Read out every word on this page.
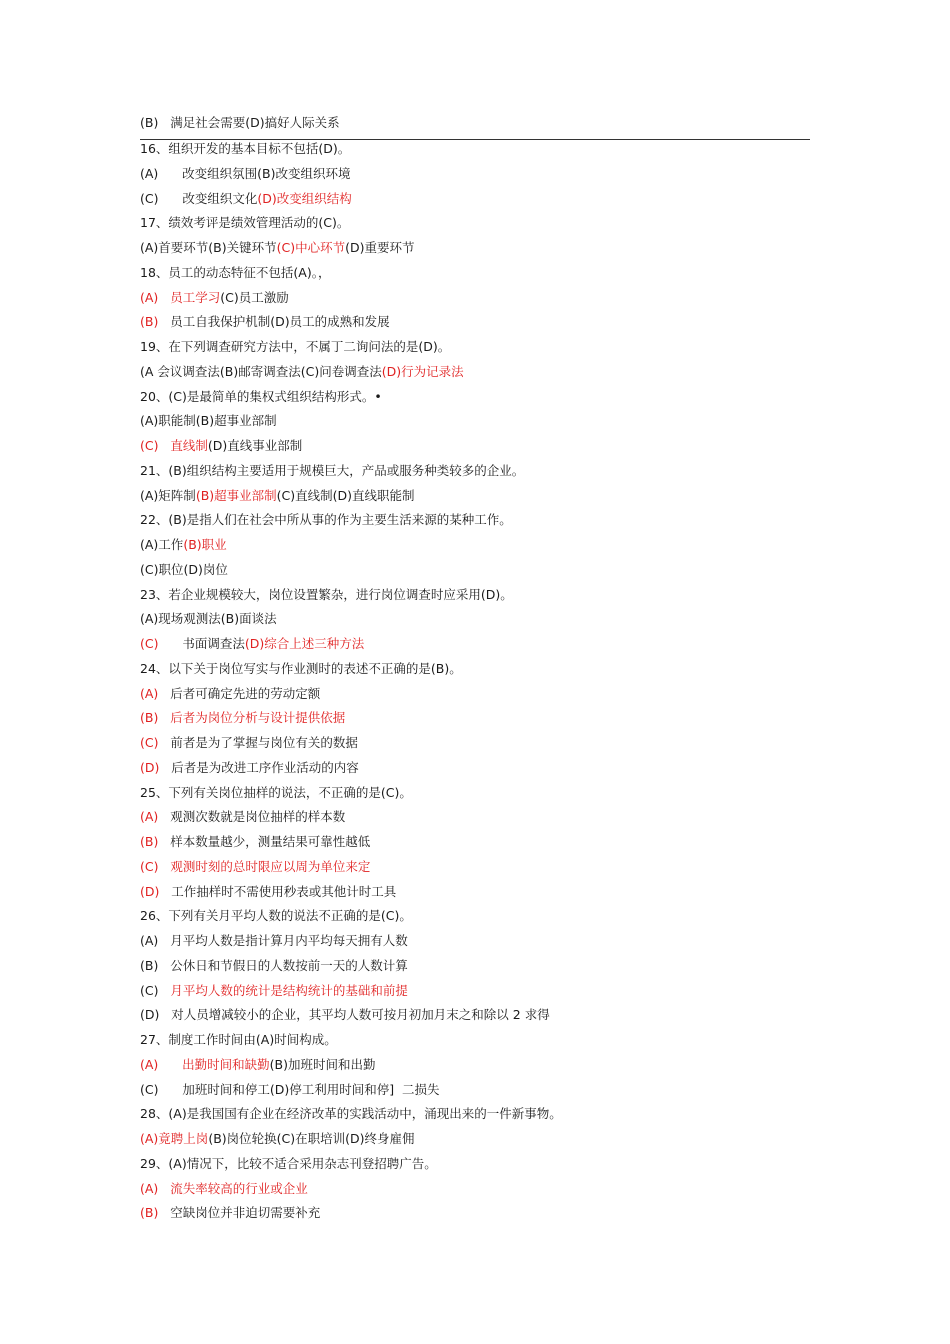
(B)   满足社会需要(D)搞好人际关系
16、组织开发的基本目标不包括(D)。
(A)      改变组织氛围(B)改变组织环境
(C)      改变组织文化(D)改变组织结构
17、绩效考评是绩效管理活动的(C)。
(A)首要环节(B)关键环节(C)中心环节(D)重要环节
18、员工的动态特征不包括(A)。，
(A)   员工学习(C)员工激励
(B)   员工自我保护机制(D)员工的成熟和发展
19、在下列调查研究方法中，不属丁二询问法的是(D)。
(A 会议调查法(B)邮寄调查法(C)问卷调查法(D)行为记录法
20、(C)是最简单的集权式组织结构形式。•
(A)职能制(B)超事业部制
(C)   直线制(D)直线事业部制
21、(B)组织结构主要适用于规模巨大，产品或服务种类较多的企业。
(A)矩阵制(B)超事业部制(C)直线制(D)直线职能制
22、(B)是指人们在社会中所从事的作为主要生活来源的某种工作。
(A)工作(B)职业
(C)职位(D)岗位
23、若企业规模较大，岗位设置繁杂，进行岗位调查时应采用(D)。
(A)现场观测法(B)面谈法
(C)      书面调查法(D)综合上述三种方法
24、以下关于岗位写实与作业测时的表述不正确的是(B)。
(A)   后者可确定先进的劳动定额
(B)   后者为岗位分析与设计提供依据
(C)   前者是为了掌握与岗位有关的数据
(D)   后者是为改进工序作业活动的内容
25、下列有关岗位抽样的说法，不正确的是(C)。
(A)   观测次数就是岗位抽样的样本数
(B)   样本数量越少，测量结果可靠性越低
(C)   观测时刻的总时限应以周为单位来定
(D)   工作抽样时不需使用秒表或其他计时工具
26、下列有关月平均人数的说法不正确的是(C)。
(A)   月平均人数是指计算月内平均每天拥有人数
(B)   公休日和节假日的人数按前一天的人数计算
(C)   月平均人数的统计是结构统计的基础和前提
(D)   对人员增减较小的企业，其平均人数可按月初加月末之和除以 2 求得
27、制度工作时间由(A)时间构成。
(A)      出勤时间和缺勤(B)加班时间和出勤
(C)      加班时间和停工(D)停工利用时间和停]  二损失
28、(A)是我国国有企业在经济改革的实践活动中，涌现出来的一件新事物。
(A)竟聘上岗(B)岗位轮换(C)在职培训(D)终身雇佣
29、(A)情况下，比较不适合采用杂志刊登招聘广告。
(A)   流失率较高的行业或企业
(B)   空缺岗位并非迫切需要补充
